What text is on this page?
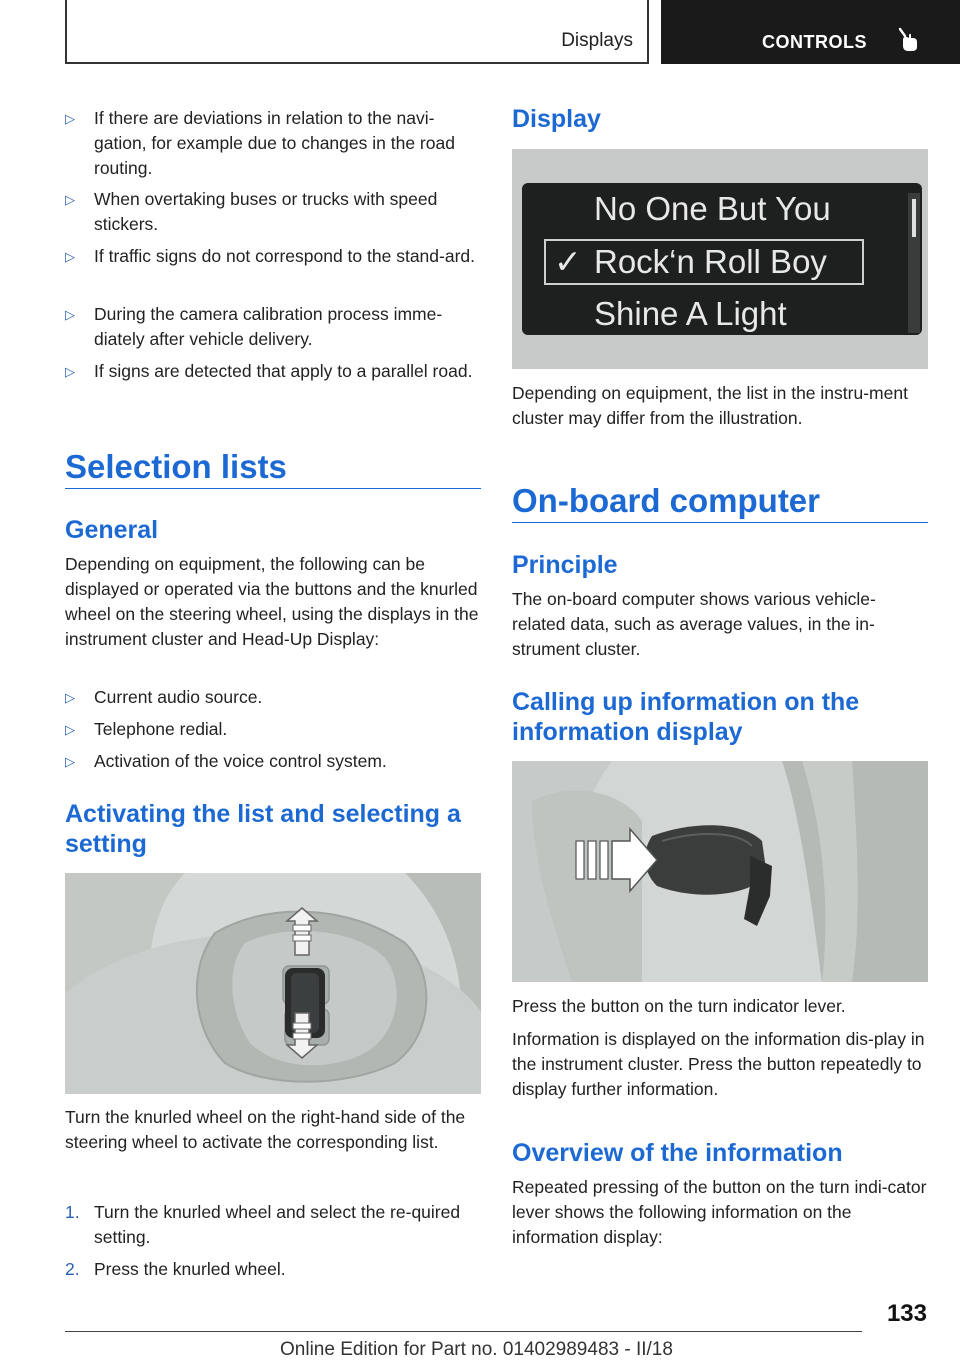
Displays	CONTROLS
▷	If there are deviations in relation to the navi-gation, for example due to changes in the road routing.
▷	When overtaking buses or trucks with speed stickers.
▷	If traffic signs do not correspond to the stand-ard.
▷	During the camera calibration process imme-diately after vehicle delivery.
▷	If signs are detected that apply to a parallel road.
Selection lists
General

Depending on equipment, the following can be displayed or operated via the buttons and the knurled wheel on the steering wheel, using the displays in the instrument cluster and Head-Up Display:

▷	Current audio source.
▷	Telephone redial.
▷	Activation of the voice control system.
Activating the list and selecting a setting

Turn the knurled wheel on the right-hand side of the steering wheel to activate the corresponding list.

1. Turn the knurled wheel and select the re-quired setting.
2. Press the knurled wheel.
Display
No One But You
✓ Rock‘n Roll Boy
Shine A Light

Depending on equipment, the list in the instru-ment cluster may differ from the illustration.

On-board computer
Principle

The on-board computer shows various vehicle-related data, such as average values, in the in-strument cluster.

Calling up information on the information display

Press the button on the turn indicator lever.

Information is displayed on the information dis-play in the instrument cluster. Press the button repeatedly to display further information.

Overview of the information

Repeated pressing of the button on the turn indi-cator lever shows the following information on the information display:

133
Online Edition for Part no. 01402989483 - II/18
